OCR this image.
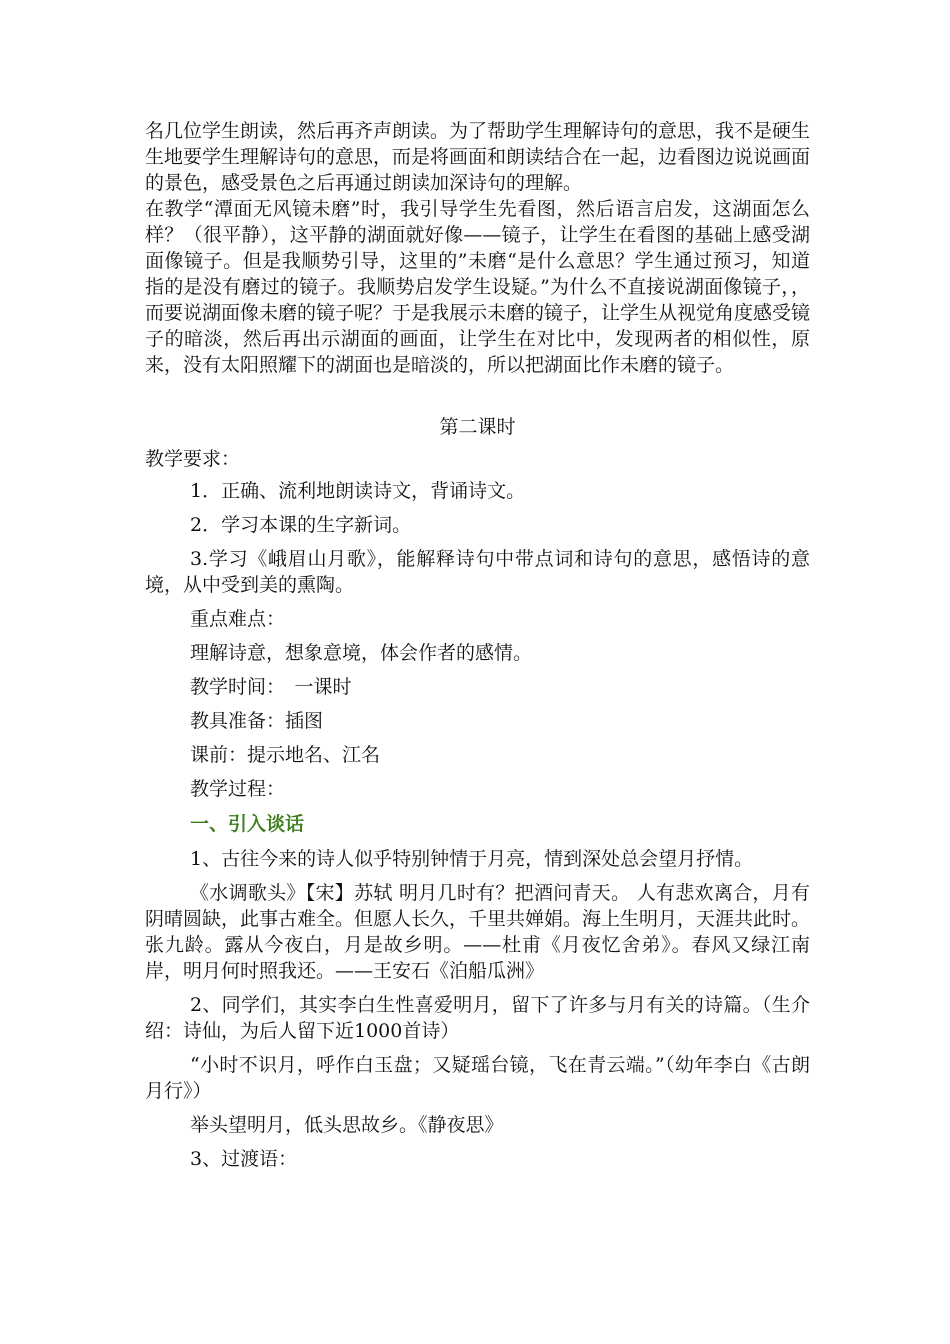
名几位学生朗读，然后再齐声朗读。为了帮助学生理解诗句的意思，我不是硬生生地要学生理解诗句的意思，而是将画面和朗读结合在一起，边看图边说说画面的景色，感受景色之后再通过朗读加深诗句的理解。

在教学“潭面无风镜未磨”时，我引导学生先看图，然后语言启发，这湖面怎么样？（很平静），这平静的湖面就好像——镜子，让学生在看图的基础上感受湖面像镜子。但是我顺势引导，这里的”未磨“是什么意思？学生通过预习，知道指的是没有磨过的镜子。我顺势启发学生设疑。”为什么不直接说湖面像镜子，，而要说湖面像未磨的镜子呢？于是我展示未磨的镜子，让学生从视觉角度感受镜子的暗淡，然后再出示湖面的画面，让学生在对比中，发现两者的相似性，原来，没有太阳照耀下的湖面也是暗淡的，所以把湖面比作未磨的镜子。

第二课时

教学要求：

1．正确、流利地朗读诗文，背诵诗文。

2．学习本课的生字新词。

3.学习《峨眉山月歌》，能解释诗句中带点词和诗句的意思，感悟诗的意境，从中受到美的熏陶。

重点难点：

理解诗意，想象意境，体会作者的感情。

教学时间：　一课时

教具准备：插图

课前：提示地名、江名

教学过程：

一、引入谈话

1、古往今来的诗人似乎特别钟情于月亮，情到深处总会望月抒情。

《水调歌头》【宋】苏轼 明月几时有？把酒问青天。 人有悲欢离合，月有阴晴圆缺，此事古难全。但愿人长久，千里共婵娟。海上生明月，天涯共此时。张九龄。露从今夜白，月是故乡明。——杜甫《月夜忆舍弟》。春风又绿江南岸，明月何时照我还。——王安石《泊船瓜洲》

2、同学们，其实李白生性喜爱明月，留下了许多与月有关的诗篇。（生介绍：诗仙，为后人留下近1000首诗）

“小时不识月，呼作白玉盘；又疑瑶台镜，飞在青云端。”（幼年李白《古朗月行》）

举头望明月，低头思故乡。《静夜思》

3、过渡语：
